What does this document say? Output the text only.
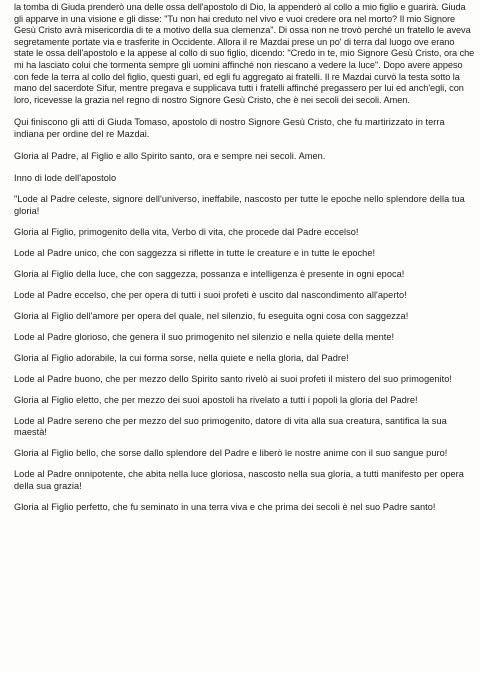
la tomba di Giuda prenderò una delle ossa dell'apostolo di Dio, la appenderò al collo a mio figlio e guarirà. Giuda gli apparve in una visione e gli disse: "Tu non hai creduto nel vivo e vuoi credere ora nel morto? Il mio Signore Gesù Cristo avrà misericordia di te a motivo della sua clemenza". Di ossa non ne trovò perché un fratello le aveva segretamente portate via e trasferite in Occidente. Allora il re Mazdai prese un po' di terra dal luogo ove erano state le ossa dell'apostolo e la appese al collo di suo figlio, dicendo: "Credo in te, mio Signore Gesù Cristo, ora che mi ha lasciato colui che tormenta sempre gli uomini affinché non riescano a vedere la luce". Dopo avere appeso con fede la terra al collo del figlio, questi guarì, ed egli fu aggregato ai fratelli. Il re Mazdai curvò la testa sotto la mano del sacerdote Sifur, mentre pregava e supplicava tutti i fratelli affinché pregassero per lui ed anch'egli, con loro, ricevesse la grazia nel regno di nostro Signore Gesù Cristo, che è nei secoli dei secoli. Amen.

Qui finiscono gli atti di Giuda Tomaso, apostolo di nostro Signore Gesù Cristo, che fu martirizzato in terra indiana per ordine del re Mazdai.

Gloria al Padre, al Figlio e allo Spirito santo, ora e sempre nei secoli. Amen.

Inno di lode dell'apostolo

"Lode al Padre celeste, signore dell'universo, ineffabile, nascosto per tutte le epoche nello splendore della tua gloria!

Gloria al Figlio, primogenito della vita, Verbo di vita, che procede dal Padre eccelso!

Lode al Padre unico, che con saggezza si riflette in tutte le creature e in tutte le epoche!

Gloria al Figlio della luce, che con saggezza, possanza e intelligenza è presente in ogni epoca!

Lode al Padre eccelso, che per opera di tutti i suoi profeti è uscito dal nascondimento all'aperto!

Gloria al Figlio dell'amore per opera del quale, nel silenzio, fu eseguita ogni cosa con saggezza!

Lode al Padre glorioso, che genera il suo primogenito nel silenzio e nella quiete della mente!

Gloria al Figlio adorabile, la cui forma sorse, nella quiete e nella gloria, dal Padre!

Lode al Padre buono, che per mezzo dello Spirito santo rivelò ai suoi profeti il mistero del suo primogenito!

Gloria al Figlio eletto, che per mezzo dei suoi apostoli ha rivelato a tutti i popoli la gloria del Padre!

Lode al Padre sereno che per mezzo del suo primogenito, datore di vita alla sua creatura, santifica la sua maestà!

Gloria al Figlio bello, che sorse dallo splendore del Padre e liberò le nostre anime con il suo sangue puro!

Lode al Padre onnipotente, che abita nella luce gloriosa, nascosto nella sua gloria, a tutti manifesto per opera della sua grazia!

Gloria al Figlio perfetto, che fu seminato in una terra viva e che prima dei secoli è nel suo Padre santo!
